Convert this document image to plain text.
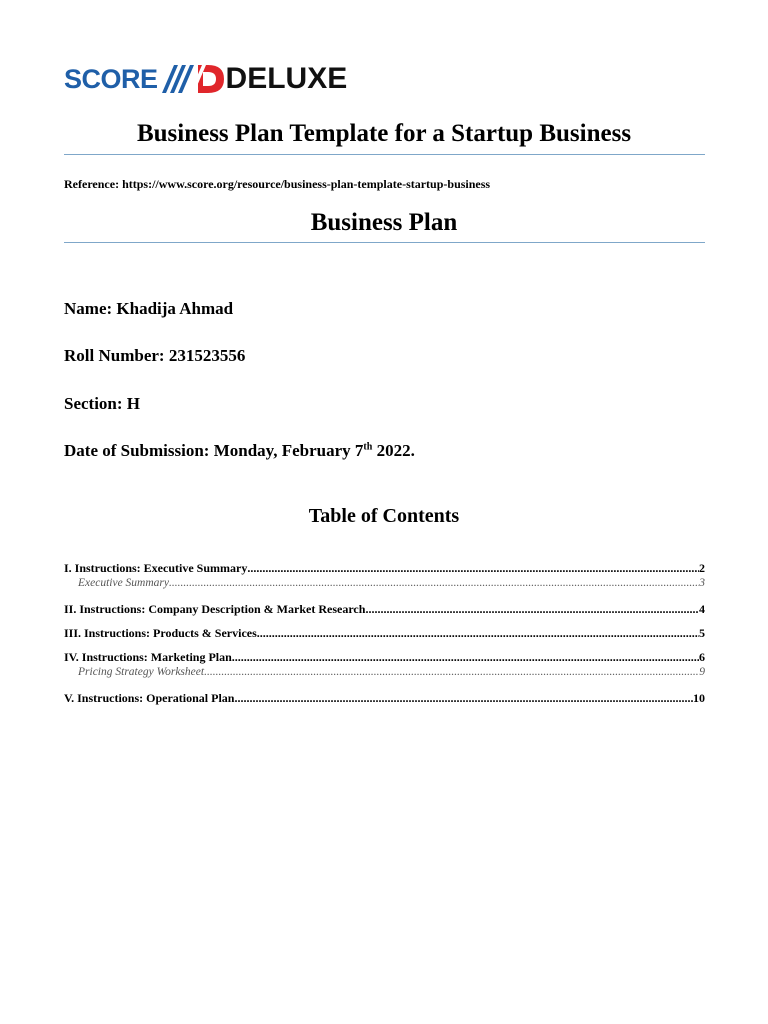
SCORE DELUXE
Business Plan Template for a Startup Business
Reference: https://www.score.org/resource/business-plan-template-startup-business
Business Plan
Name: Khadija Ahmad
Roll Number: 231523556
Section: H
Date of Submission: Monday, February 7th 2022.
Table of Contents
I. Instructions: Executive Summary .....	2
Executive Summary .....	3
II. Instructions: Company Description & Market Research .....	4
III. Instructions: Products & Services .....	5
IV. Instructions: Marketing Plan .....	6
Pricing Strategy Worksheet .....	9
V. Instructions: Operational Plan .....	10
